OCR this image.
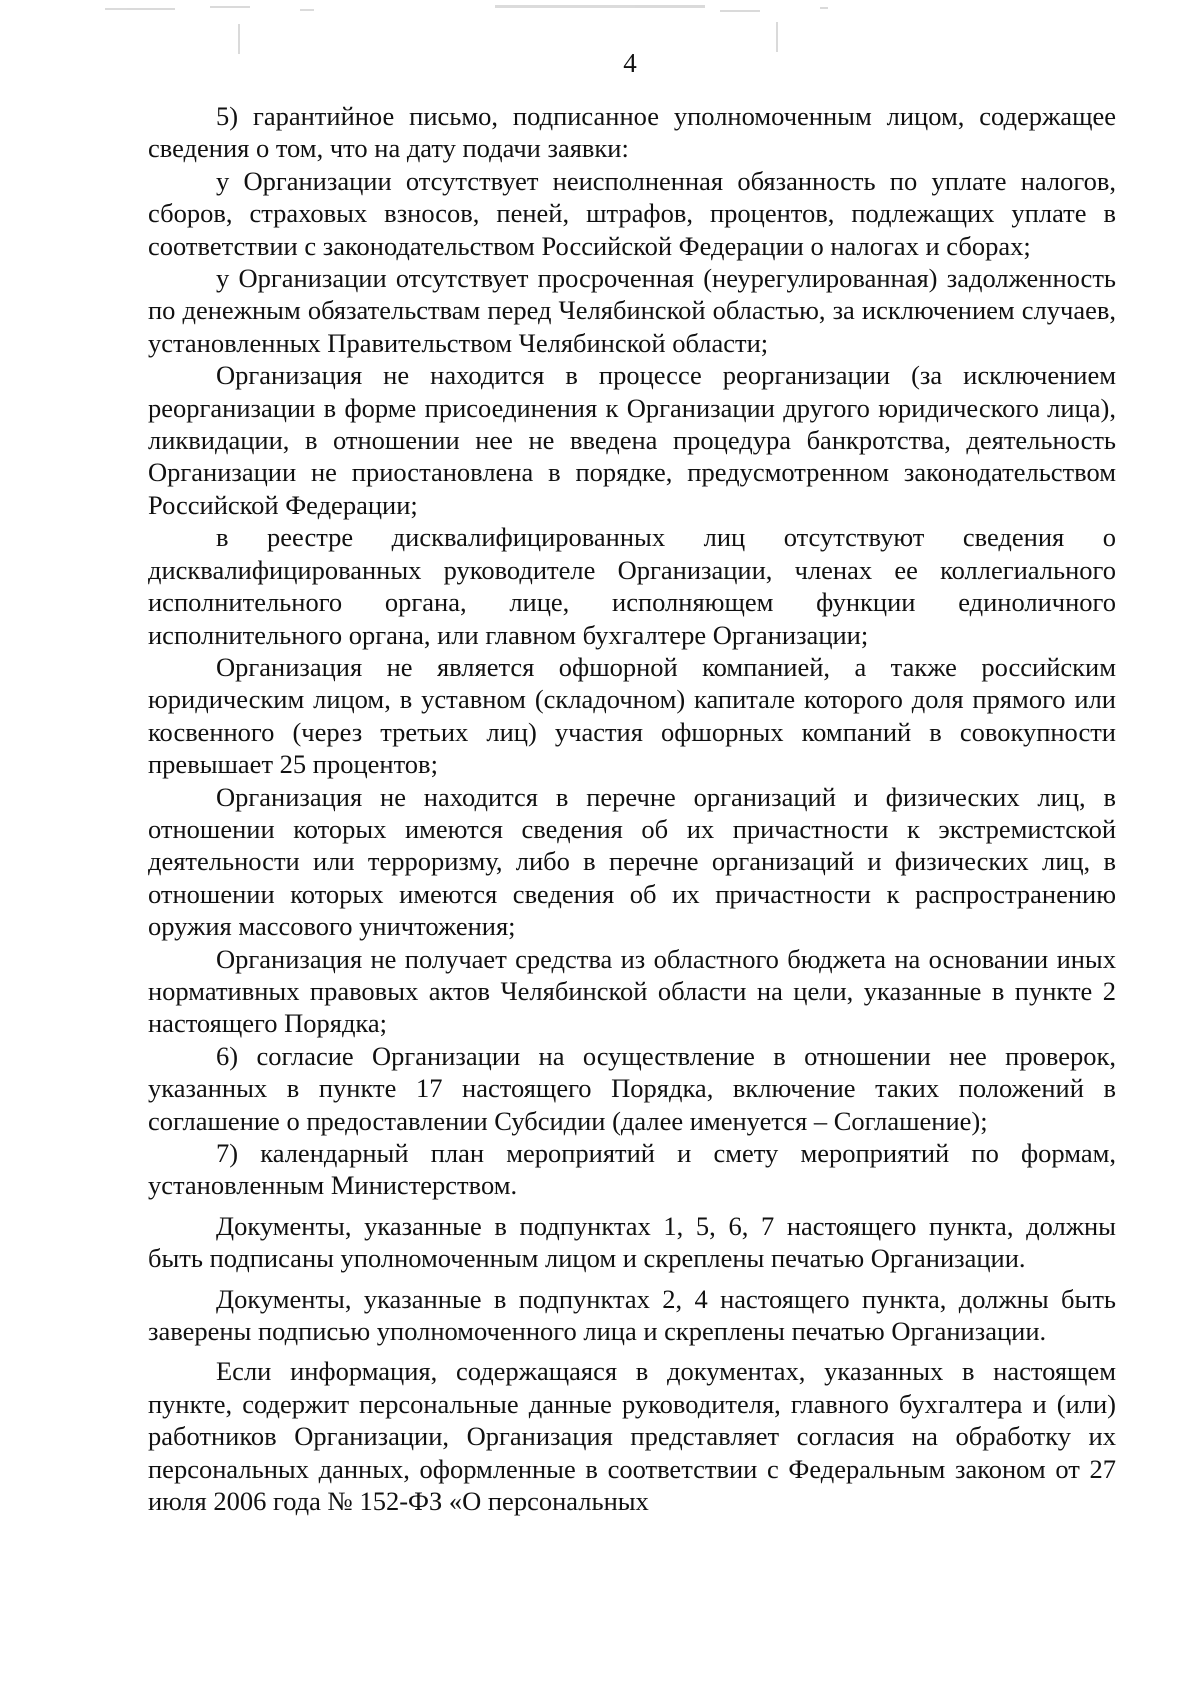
4

5) гарантийное письмо, подписанное уполномоченным лицом, содержащее сведения о том, что на дату подачи заявки:

у Организации отсутствует неисполненная обязанность по уплате налогов, сборов, страховых взносов, пеней, штрафов, процентов, подлежащих уплате в соответствии с законодательством Российской Федерации о налогах и сборах;

у Организации отсутствует просроченная (неурегулированная) задолженность по денежным обязательствам перед Челябинской областью, за исключением случаев, установленных Правительством Челябинской области;

Организация не находится в процессе реорганизации (за исключением реорганизации в форме присоединения к Организации другого юридического лица), ликвидации, в отношении нее не введена процедура банкротства, деятельность Организации не приостановлена в порядке, предусмотренном законодательством Российской Федерации;

в реестре дисквалифицированных лиц отсутствуют сведения о дисквалифицированных руководителе Организации, членах ее коллегиального исполнительного органа, лице, исполняющем функции единоличного исполнительного органа, или главном бухгалтере Организации;

Организация не является офшорной компанией, а также российским юридическим лицом, в уставном (складочном) капитале которого доля прямого или косвенного (через третьих лиц) участия офшорных компаний в совокупности превышает 25 процентов;

Организация не находится в перечне организаций и физических лиц, в отношении которых имеются сведения об их причастности к экстремистской деятельности или терроризму, либо в перечне организаций и физических лиц, в отношении которых имеются сведения об их причастности к распространению оружия массового уничтожения;

Организация не получает средства из областного бюджета на основании иных нормативных правовых актов Челябинской области на цели, указанные в пункте 2 настоящего Порядка;

6) согласие Организации на осуществление в отношении нее проверок, указанных в пункте 17 настоящего Порядка, включение таких положений в соглашение о предоставлении Субсидии (далее именуется – Соглашение);

7) календарный план мероприятий и смету мероприятий по формам, установленным Министерством.

Документы, указанные в подпунктах 1, 5, 6, 7 настоящего пункта, должны быть подписаны уполномоченным лицом и скреплены печатью Организации.

Документы, указанные в подпунктах 2, 4 настоящего пункта, должны быть заверены подписью уполномоченного лица и скреплены печатью Организации.

Если информация, содержащаяся в документах, указанных в настоящем пункте, содержит персональные данные руководителя, главного бухгалтера и (или) работников Организации, Организация представляет согласия на обработку их персональных данных, оформленные в соответствии с Федеральным законом от 27 июля 2006 года № 152-ФЗ «О персональных
